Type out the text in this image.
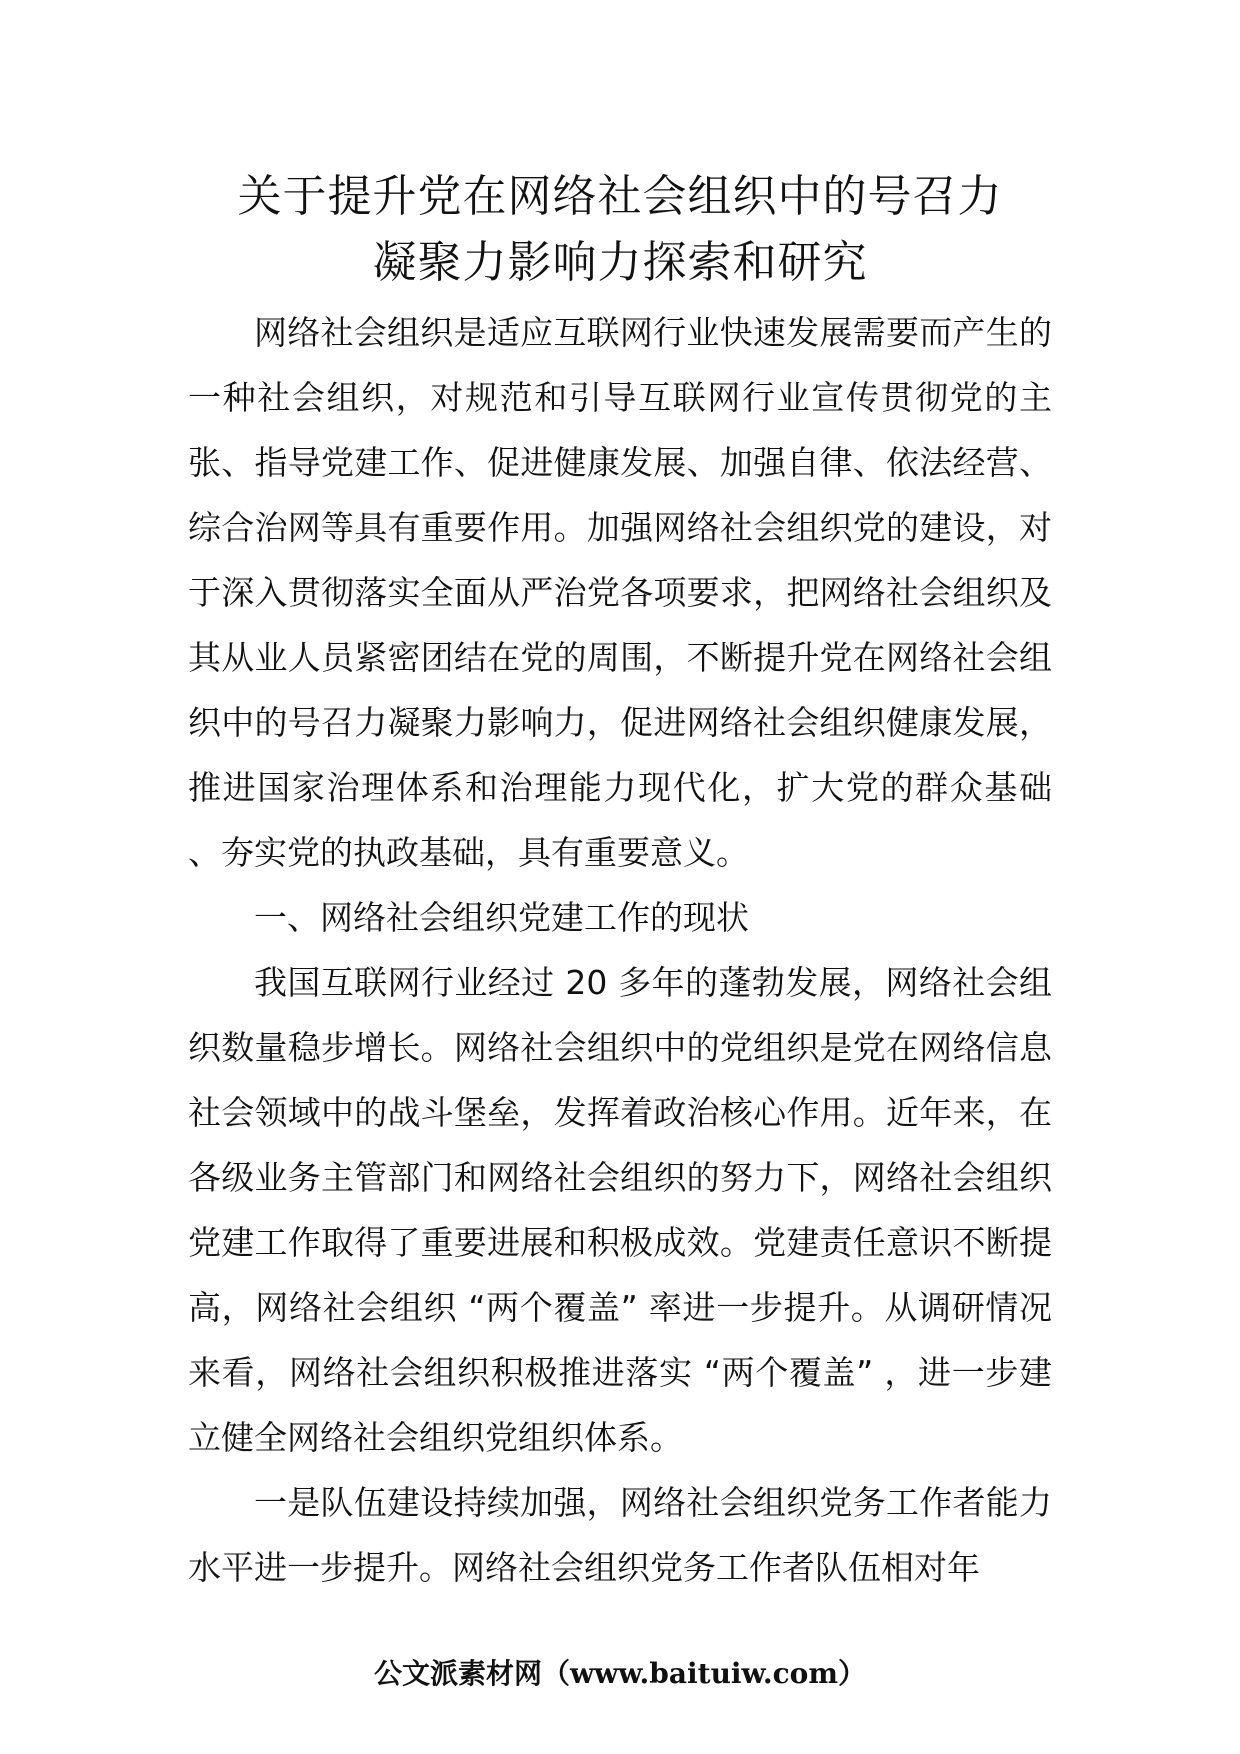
关于提升党在网络社会组织中的号召力
凝聚力影响力探索和研究

网络社会组织是适应互联网行业快速发展需要而产生的一种社会组织，对规范和引导互联网行业宣传贯彻党的主张、指导党建工作、促进健康发展、加强自律、依法经营、综合治网等具有重要作用。加强网络社会组织党的建设，对于深入贯彻落实全面从严治党各项要求，把网络社会组织及其从业人员紧密团结在党的周围，不断提升党在网络社会组织中的号召力凝聚力影响力，促进网络社会组织健康发展，推进国家治理体系和治理能力现代化，扩大党的群众基础 、夯实党的执政基础，具有重要意义。

一、网络社会组织党建工作的现状

我国互联网行业经过 20 多年的蓬勃发展，网络社会组织数量稳步增长。网络社会组织中的党组织是党在网络信息社会领域中的战斗堡垒，发挥着政治核心作用。近年来，在各级业务主管部门和网络社会组织的努力下，网络社会组织党建工作取得了重要进展和积极成效。党建责任意识不断提高，网络社会组织 “两个覆盖” 率进一步提升。从调研情况来看，网络社会组织积极推进落实 “两个覆盖” ，进一步建立健全网络社会组织党组织体系。

一是队伍建设持续加强，网络社会组织党务工作者能力水平进一步提升。网络社会组织党务工作者队伍相对年

公文派素材网（www.baituiw.com）
